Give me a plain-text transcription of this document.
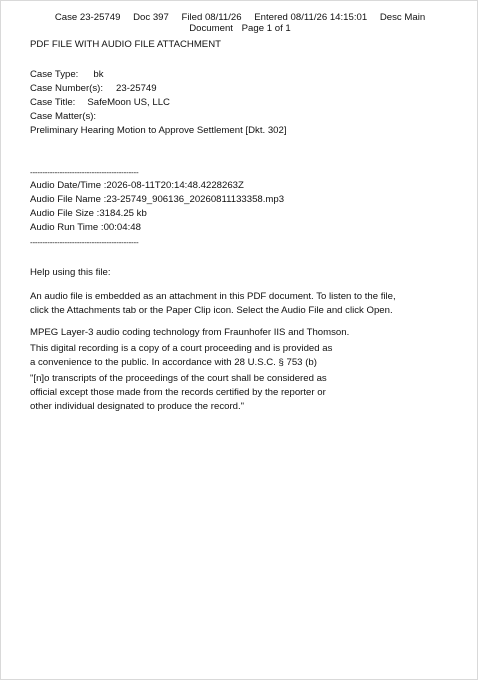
Case 23-25749 Doc 397 Filed 08/11/26 Entered 08/11/26 14:15:01 Desc Main
Document Page 1 of 1
PDF FILE WITH AUDIO FILE ATTACHMENT
Case Type: bk
Case Number(s): 23-25749
Case Title: SafeMoon US, LLC
Case Matter(s):
Preliminary Hearing Motion to Approve Settlement [Dkt. 302]
--------------------------------------------
Audio Date/Time :2026-08-11T20:14:48.4228263Z
Audio File Name :23-25749_906136_20260811133358.mp3
Audio File Size :3184.25 kb
Audio Run Time :00:04:48
--------------------------------------------
Help using this file:
An audio file is embedded as an attachment in this PDF document. To listen to the file,
click the Attachments tab or the Paper Clip icon. Select the Audio File and click Open.
MPEG Layer-3 audio coding technology from Fraunhofer IIS and Thomson.
This digital recording is a copy of a court proceeding and is provided as
a convenience to the public. In accordance with 28 U.S.C. § 753 (b)
"[n]o transcripts of the proceedings of the court shall be considered as
official except those made from the records certified by the reporter or
other individual designated to produce the record."
